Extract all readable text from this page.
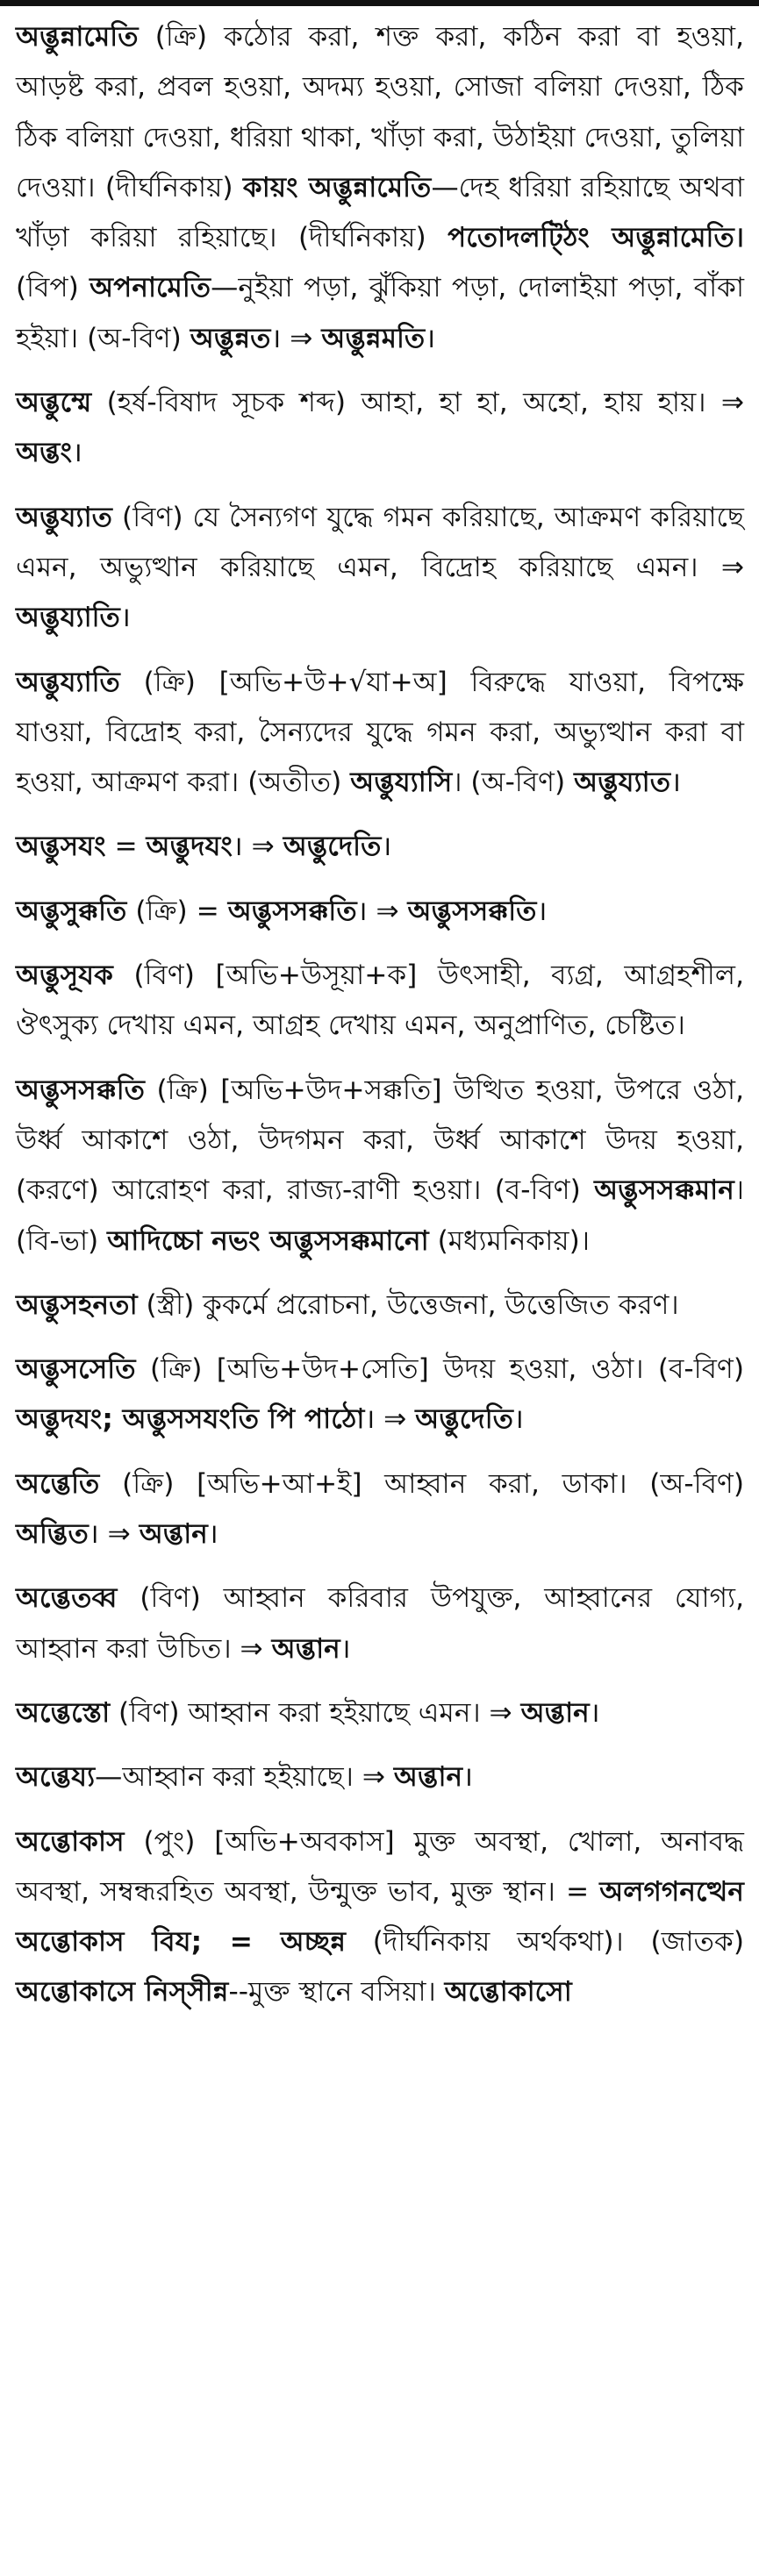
অব্ভুন্নামেতি (ক্রি) কঠোর করা, শক্ত করা, কঠিন করা বা হওয়া, আড়ষ্ট করা, প্রবল হওয়া, অদম্য হওয়া, সোজা বলিয়া দেওয়া, ঠিক ঠিক বলিয়া দেওয়া, ধরিয়া থাকা, খাঁড়া করা, উঠাইয়া দেওয়া, তুলিয়া দেওয়া। (দীর্ঘনিকায়) কায়ং অব্ভুন্নামেতি—দেহ ধরিয়া রহিয়াছে অথবা খাঁড়া করিয়া রহিয়াছে। (দীর্ঘনিকায়) পতোদলট্ঠিং অব্ভুন্নামেতি। (বিপ) অপনামেতি—নুইয়া পড়া, ঝুঁকিয়া পড়া, দোলাইয়া পড়া, বাঁকা হইয়া। (অ-বিণ) অব্ভুন্নত। ⇒ অব্ভুন্নমতি।
অব্ভুম্মে (হর্ষ-বিষাদ সূচক শব্দ) আহা, হা হা, অহো, হায় হায়। ⇒ অব্ভং।
অব্ভুয্যাত (বিণ) যে সৈন্যগণ যুদ্ধে গমন করিয়াছে, আক্রমণ করিয়াছে এমন, অভ্যুত্থান করিয়াছে এমন, বিদ্রোহ করিয়াছে এমন। ⇒ অব্ভুয্যাতি।
অব্ভুয্যাতি (ক্রি) [অভি+উ+√যা+অ] বিরুদ্ধে যাওয়া, বিপক্ষে যাওয়া, বিদ্রোহ করা, সৈন্যদের যুদ্ধে গমন করা, অভ্যুত্থান করা বা হওয়া, আক্রমণ করা। (অতীত) অব্ভুয্যাসি। (অ-বিণ) অব্ভুয্যাত।
অব্ভুসযং = অব্ভুদযং। ⇒ অব্ভুদেতি।
অব্ভুসুক্কতি (ক্রি) = অব্ভুসসক্কতি। ⇒ অব্ভুসসক্কতি।
অব্ভুসূযক (বিণ) [অভি+উসূয়া+ক] উৎসাহী, ব্যগ্র, আগ্রহশীল, ঔৎসুক্য দেখায় এমন, আগ্রহ দেখায় এমন, অনুপ্রাণিত, চেষ্টিত।
অব্ভুসসক্কতি (ক্রি) [অভি+উদ+সক্কতি] উত্থিত হওয়া, উপরে ওঠা, উর্ধ্ব আকাশে ওঠা, উদগমন করা, উর্ধ্ব আকাশে উদয় হওয়া, (করণে) আরোহণ করা, রাজ্য-রাণী হওয়া। (ব-বিণ) অব্ভুসসক্কমান। (বি-ভা) আদিচ্চো নভং অব্ভুসসক্কমানো (মধ্যমনিকায়)।
অব্ভুসহনতা (স্ত্রী) কুকর্মে প্ররোচনা, উত্তেজনা, উত্তেজিত করণ।
অব্ভুসসেতি (ক্রি) [অভি+উদ+সেতি] উদয় হওয়া, ওঠা। (ব-বিণ) অব্ভুদযং; অব্ভুসসযংতি পি পাঠো। ⇒ অব্ভুদেতি।
অব্ভেতি (ক্রি) [অভি+আ+ই] আহ্বান করা, ডাকা। (অ-বিণ) অব্ভিত। ⇒ অব্ভান।
অব্ভেতব্ব (বিণ) আহ্বান করিবার উপযুক্ত, আহ্বানের যোগ্য, আহ্বান করা উচিত। ⇒ অব্ভান।
অব্ভেস্তো (বিণ) আহ্বান করা হইয়াছে এমন। ⇒ অব্ভান।
অব্ভেয্য—আহ্বান করা হইয়াছে। ⇒ অব্ভান।
অব্ভোকাস (পুং) [অভি+অবকাস] মুক্ত অবস্থা, খোলা, অনাবদ্ধ অবস্থা, সম্বন্ধরহিত অবস্থা, উন্মুক্ত ভাব, মুক্ত স্থান। = অলগগনত্থেন অব্ভোকাস বিয; = অচ্ছন্ন (দীর্ঘনিকায় অর্থকথা)। (জাতক) অব্ভোকাসে নিস্সীন্ন--মুক্ত স্থানে বসিয়া। অব্ভোকাসো
